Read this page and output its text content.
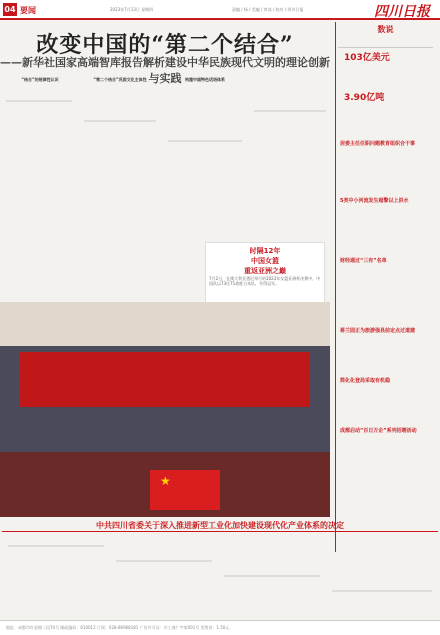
04 要闻	2023年7月13日 星期四	责编 / 杨 / 美编 / 审读 / 校对 / 四川日报	四川日报
改变中国的“第二个结合”
——新华社国家高端智库报告解析建设中华民族现代文明的理论创新与实践
“结合”的规律性认识	“第二个结合”巩固文化主体性	构建中国特色话语体系
时隔12年
中国女篮
重返亚洲之巅
7月2日，在澳大利亚悉尼举行的2023年女篮亚洲杯决赛中，中国队以73比71战胜日本队，夺得冠军。
★
数说
103亿美元
3.90亿吨
居委主任任职问题教育组织合干事
5类中小河流发生超警以上洪水
财经通过“三有”名单
蒋兰园正为旅游强县前定点过道建
简化化登局采取有机稳
成都启动“百日万企”系列招聘活动
中共四川省委关于深入推进新型工业化加快建设现代化产业体系的决定
地址：成都市红星路二段70号 邮政编码：610012 订阅：028-86968181 广告许可证：川工商广字第001号 零售价：1.50元
